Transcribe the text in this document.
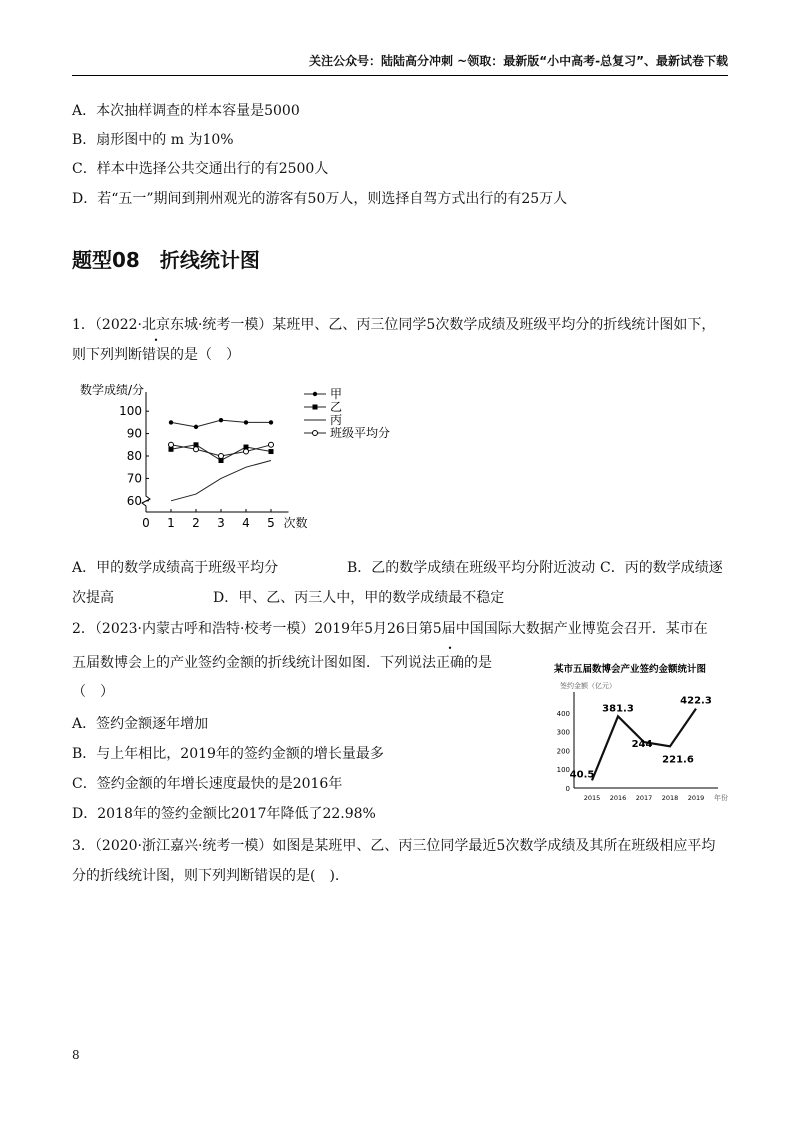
关注公众号：陆陆高分冲刺 ~领取：最新版“小中高考-总复习”、最新试卷下载
A．本次抽样调查的样本容量是5000
B．扇形图中的 m 为10%
C．样本中选择公共交通出行的有2500人
D．若“五一”期间到荆州观光的游客有50万人，则选择自驾方式出行的有25万人
题型08　折线统计图
1．（2022·北京东城·统考一模）某班甲、乙、丙三位同学5次数学成绩及班级平均分的折线统计图如下，
则下列判断错误的是（　）
数学成绩/分
次数
60
70
80
90
100
0 1 2 3 4 5
甲
乙
丙
班级平均分
A．甲的数学成绩高于班级平均分	B．乙的数学成绩在班级平均分附近波动 C．丙的数学成绩逐
次提高	D．甲、乙、丙三人中，甲的数学成绩最不稳定
2．（2023·内蒙古呼和浩特·校考一模）2019年5月26日第5届中国国际大数据产业博览会召开．某市在
五届数博会上的产业签约金额的折线统计图如图．下列说法正确的是
（　）
A．签约金额逐年增加
B．与上年相比，2019年的签约金额的增长量最多
C．签约金额的年增长速度最快的是2016年
D．2018年的签约金额比2017年降低了22.98%
某市五届数博会产业签约金额统计图
签约金额（亿元）
年份
0
100
200
300
400
2015 2016 2017 2018 2019
40.5
381.3
244
221.6
422.3
3．（2020·浙江嘉兴·统考一模）如图是某班甲、乙、丙三位同学最近5次数学成绩及其所在班级相应平均
分的折线统计图，则下列判断错误的是(　).
8
